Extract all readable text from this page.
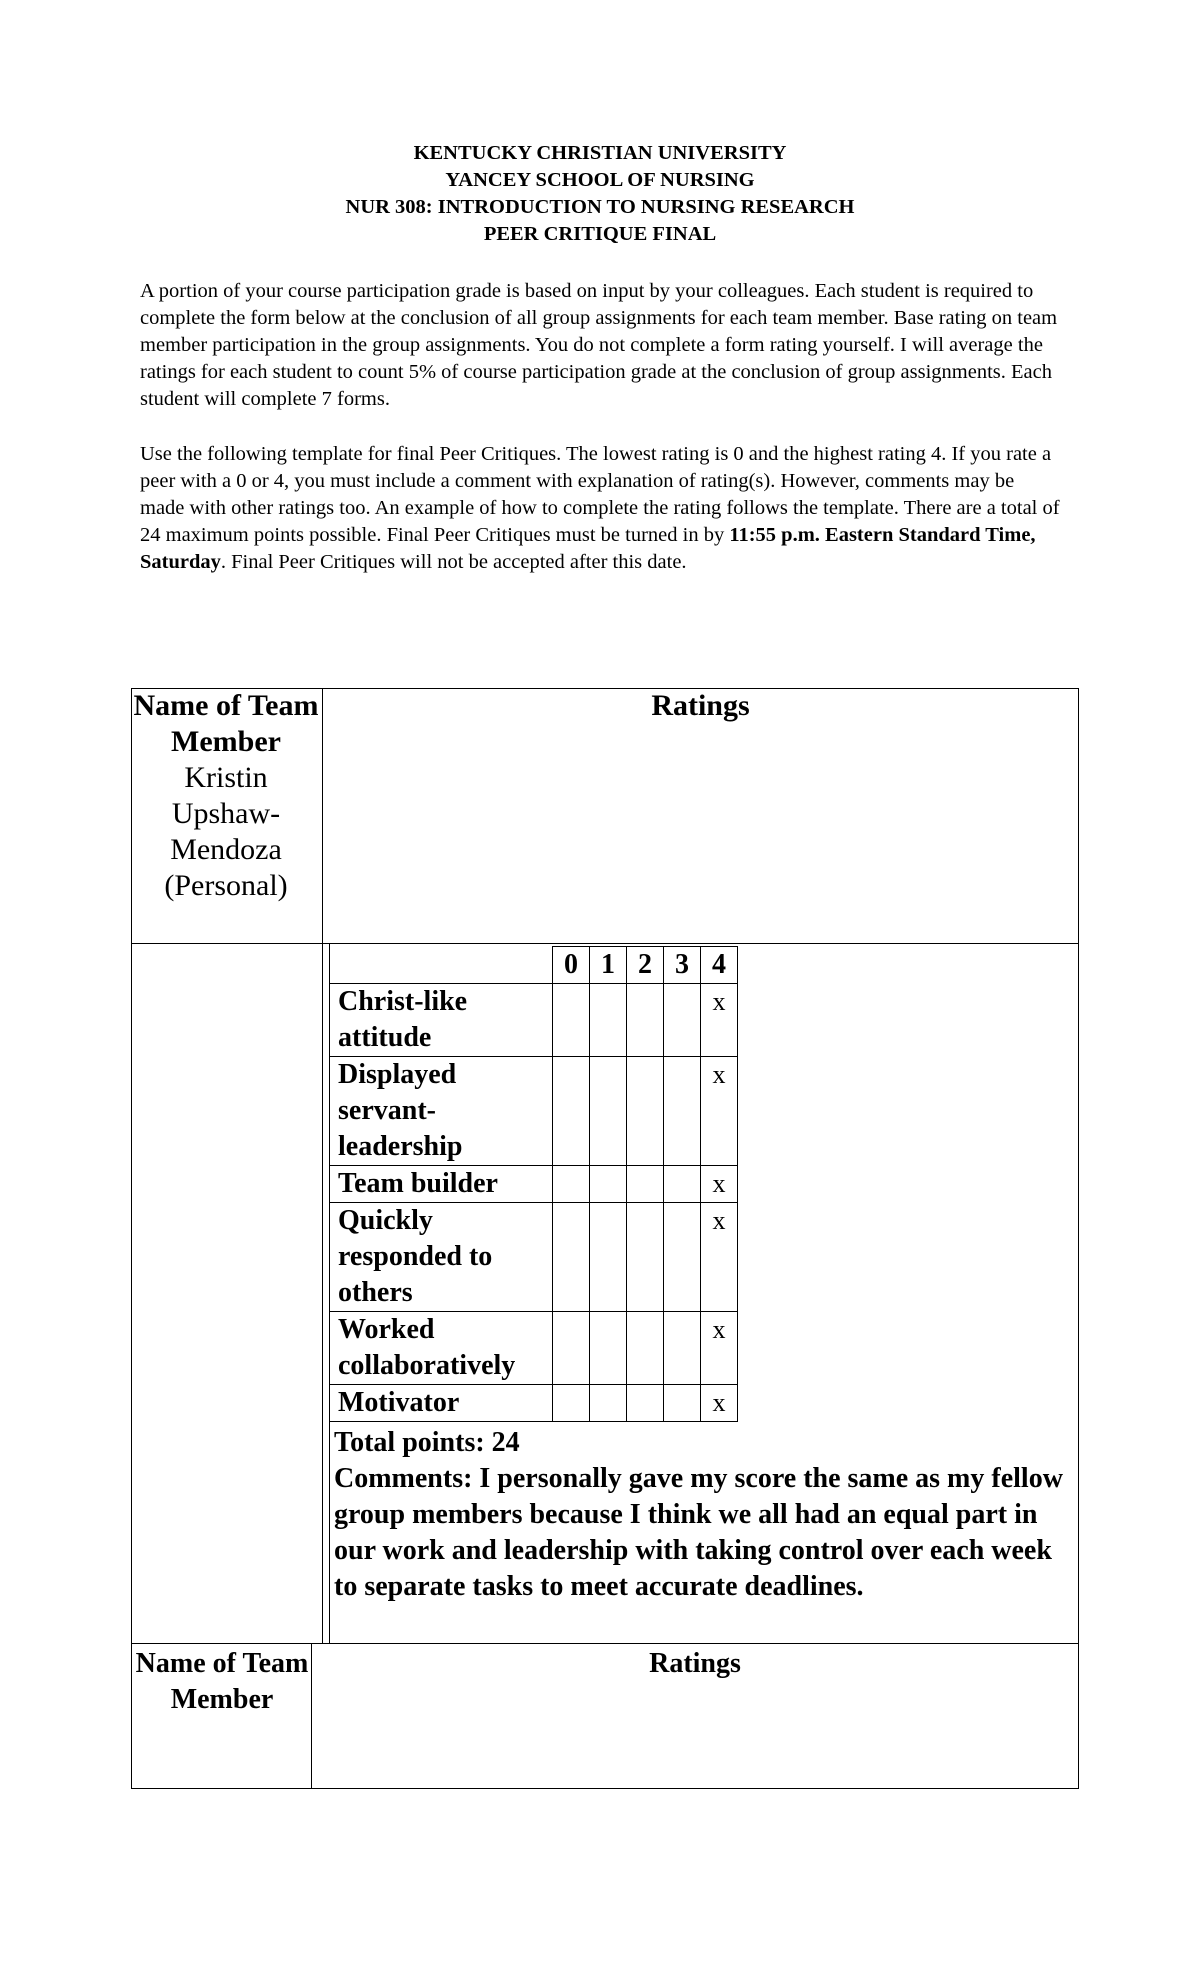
KENTUCKY CHRISTIAN UNIVERSITY
YANCEY SCHOOL OF NURSING
NUR 308: INTRODUCTION TO NURSING RESEARCH
PEER CRITIQUE FINAL

A portion of your course participation grade is based on input by your colleagues. Each student is required to complete the form below at the conclusion of all group assignments for each team member. Base rating on team member participation in the group assignments. You do not complete a form rating yourself. I will average the ratings for each student to count 5% of course participation grade at the conclusion of group assignments. Each student will complete 7 forms.

Use the following template for final Peer Critiques. The lowest rating is 0 and the highest rating 4. If you rate a peer with a 0 or 4, you must include a comment with explanation of rating(s). However, comments may be made with other ratings too. An example of how to complete the rating follows the template. There are a total of 24 maximum points possible. Final Peer Critiques must be turned in by 11:55 p.m. Eastern Standard Time, Saturday. Final Peer Critiques will not be accepted after this date.

Name of Team Member
Kristin Upshaw-Mendoza (Personal)
Ratings
	0	1	2	3	4
Christ-like attitude					x
Displayed servant-leadership					x
Team builder					x
Quickly responded to others					x
Worked collaboratively					x
Motivator					x
Total points: 24
Comments: I personally gave my score the same as my fellow group members because I think we all had an equal part in our work and leadership with taking control over each week to separate tasks to meet accurate deadlines.
Name of Team Member
Ratings
